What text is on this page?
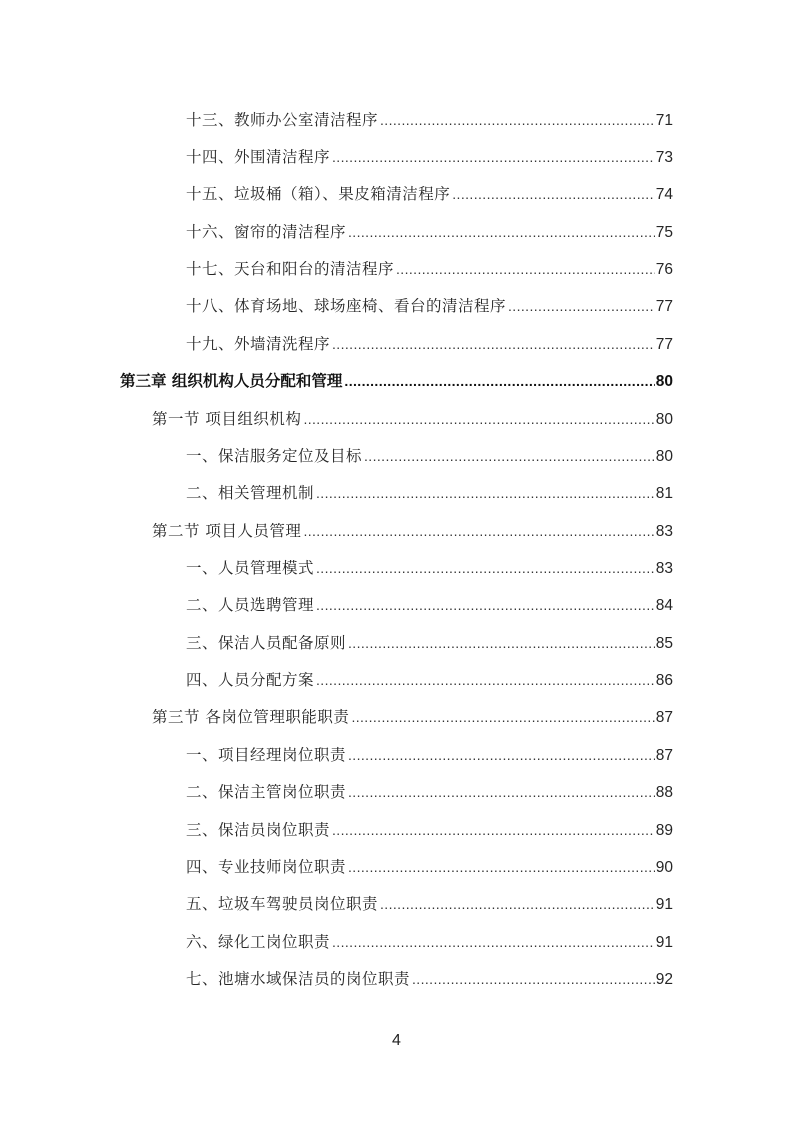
十三、教师办公室清洁程序 .....	71
十四、外围清洁程序 .....	73
十五、垃圾桶（箱）、果皮箱清洁程序 .....	74
十六、窗帘的清洁程序 .....	75
十七、天台和阳台的清洁程序 .....	76
十八、体育场地、球场座椅、看台的清洁程序 .....	77
十九、外墙清洗程序 .....	77
第三章 组织机构人员分配和管理 .....	80
第一节 项目组织机构 .....	80
一、保洁服务定位及目标 .....	80
二、相关管理机制 .....	81
第二节 项目人员管理 .....	83
一、人员管理模式 .....	83
二、人员选聘管理 .....	84
三、保洁人员配备原则 .....	85
四、人员分配方案 .....	86
第三节 各岗位管理职能职责 .....	87
一、项目经理岗位职责 .....	87
二、保洁主管岗位职责 .....	88
三、保洁员岗位职责 .....	89
四、专业技师岗位职责 .....	90
五、垃圾车驾驶员岗位职责 .....	91
六、绿化工岗位职责 .....	91
七、池塘水域保洁员的岗位职责 .....	92
4
